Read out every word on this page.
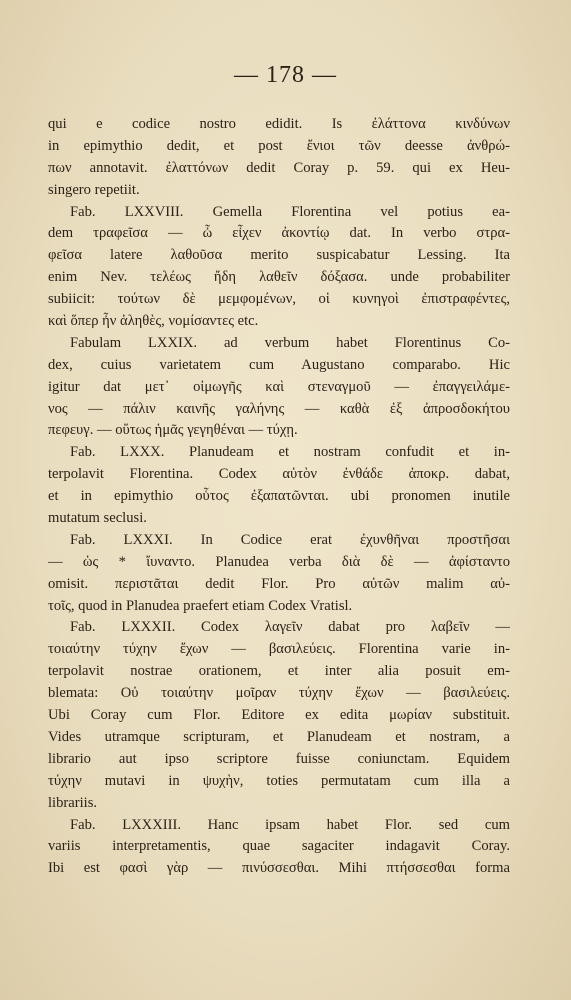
— 178 —
qui e codice nostro edidit. Is ἐλάττονα κινδύνων
in epimythio dedit, et post ἔνιοι τῶν deesse ἀνθρώ-
πων annotavit. ἐλαττόνων dedit Coray p. 59. qui ex Heu-
singero repetiit.
Fab. LXXVIII. Gemella Florentina vel potius ea-
dem τραφεῖσα — ὦ εἶχεν ἀκοντίῳ dat. In verbo στρα-
φεῖσα latere λαθοῦσα merito suspicabatur Lessing. Ita
enim Nev. τελέως ἤδη λαθεῖν δόξασα. unde probabiliter
subiicit: τούτων δὲ μεμφομένων, οἱ κυνηγοὶ ἐπιστραφέντες,
καὶ ὅπερ ἦν ἀληθὲς, νομίσαντες etc.
Fabulam LXXIX. ad verbum habet Florentinus Co-
dex, cuius varietatem cum Augustano comparabo. Hic
igitur dat μετ᾽ οἰμωγῆς καὶ στεναγμοῦ — ἐπαγγειλάμε-
νος — πάλιν καινῆς γαλήνης — καθὰ ἐξ ἀπροσδοκήτου
πεφευγ. — οὕτως ἡμᾶς γεγηθέναι — τύχῃ.
Fab. LXXX. Planudeam et nostram confudit et in-
terpolavit Florentina. Codex αὐτὸν ἐνθάδε ἀποκρ. dabat,
et in epimythio οὗτος ἐξαπατῶνται. ubi pronomen inutile
mutatum seclusi.
Fab. LXXXI. In Codice erat ἐχυνθῆναι προστῆσαι
— ὡς * ἴυναντο. Planudea verba διὰ δὲ — ἀφίσταντο
omisit. περιστᾶται dedit Flor. Pro αὐτῶν malim αὐ-
τοῖς, quod in Planudea praefert etiam Codex Vratisl.
Fab. LXXXII. Codex λαγεῖν dabat pro λαβεῖν —
τοιαύτην τύχην ἔχων — βασιλεύεις. Florentina varie in-
terpolavit nostrae orationem, et inter alia posuit em-
blemata: Οὐ τοιαύτην μοῖραν τύχην ἔχων — βασιλεύεις.
Ubi Coray cum Flor. Editore ex edita μωρίαν substituit.
Vides utramque scripturam, et Planudeam et nostram, a
librario aut ipso scriptore fuisse coniunctam. Equidem
τύχην mutavi in ψυχὴν, toties permutatam cum illa a
librariis.
Fab. LXXXIII. Hanc ipsam habet Flor. sed cum
variis interpretamentis, quae sagaciter indagavit Coray.
Ibi est φασὶ γὰρ — πινύσσεσθαι. Mihi πτήσσεσθαι forma
